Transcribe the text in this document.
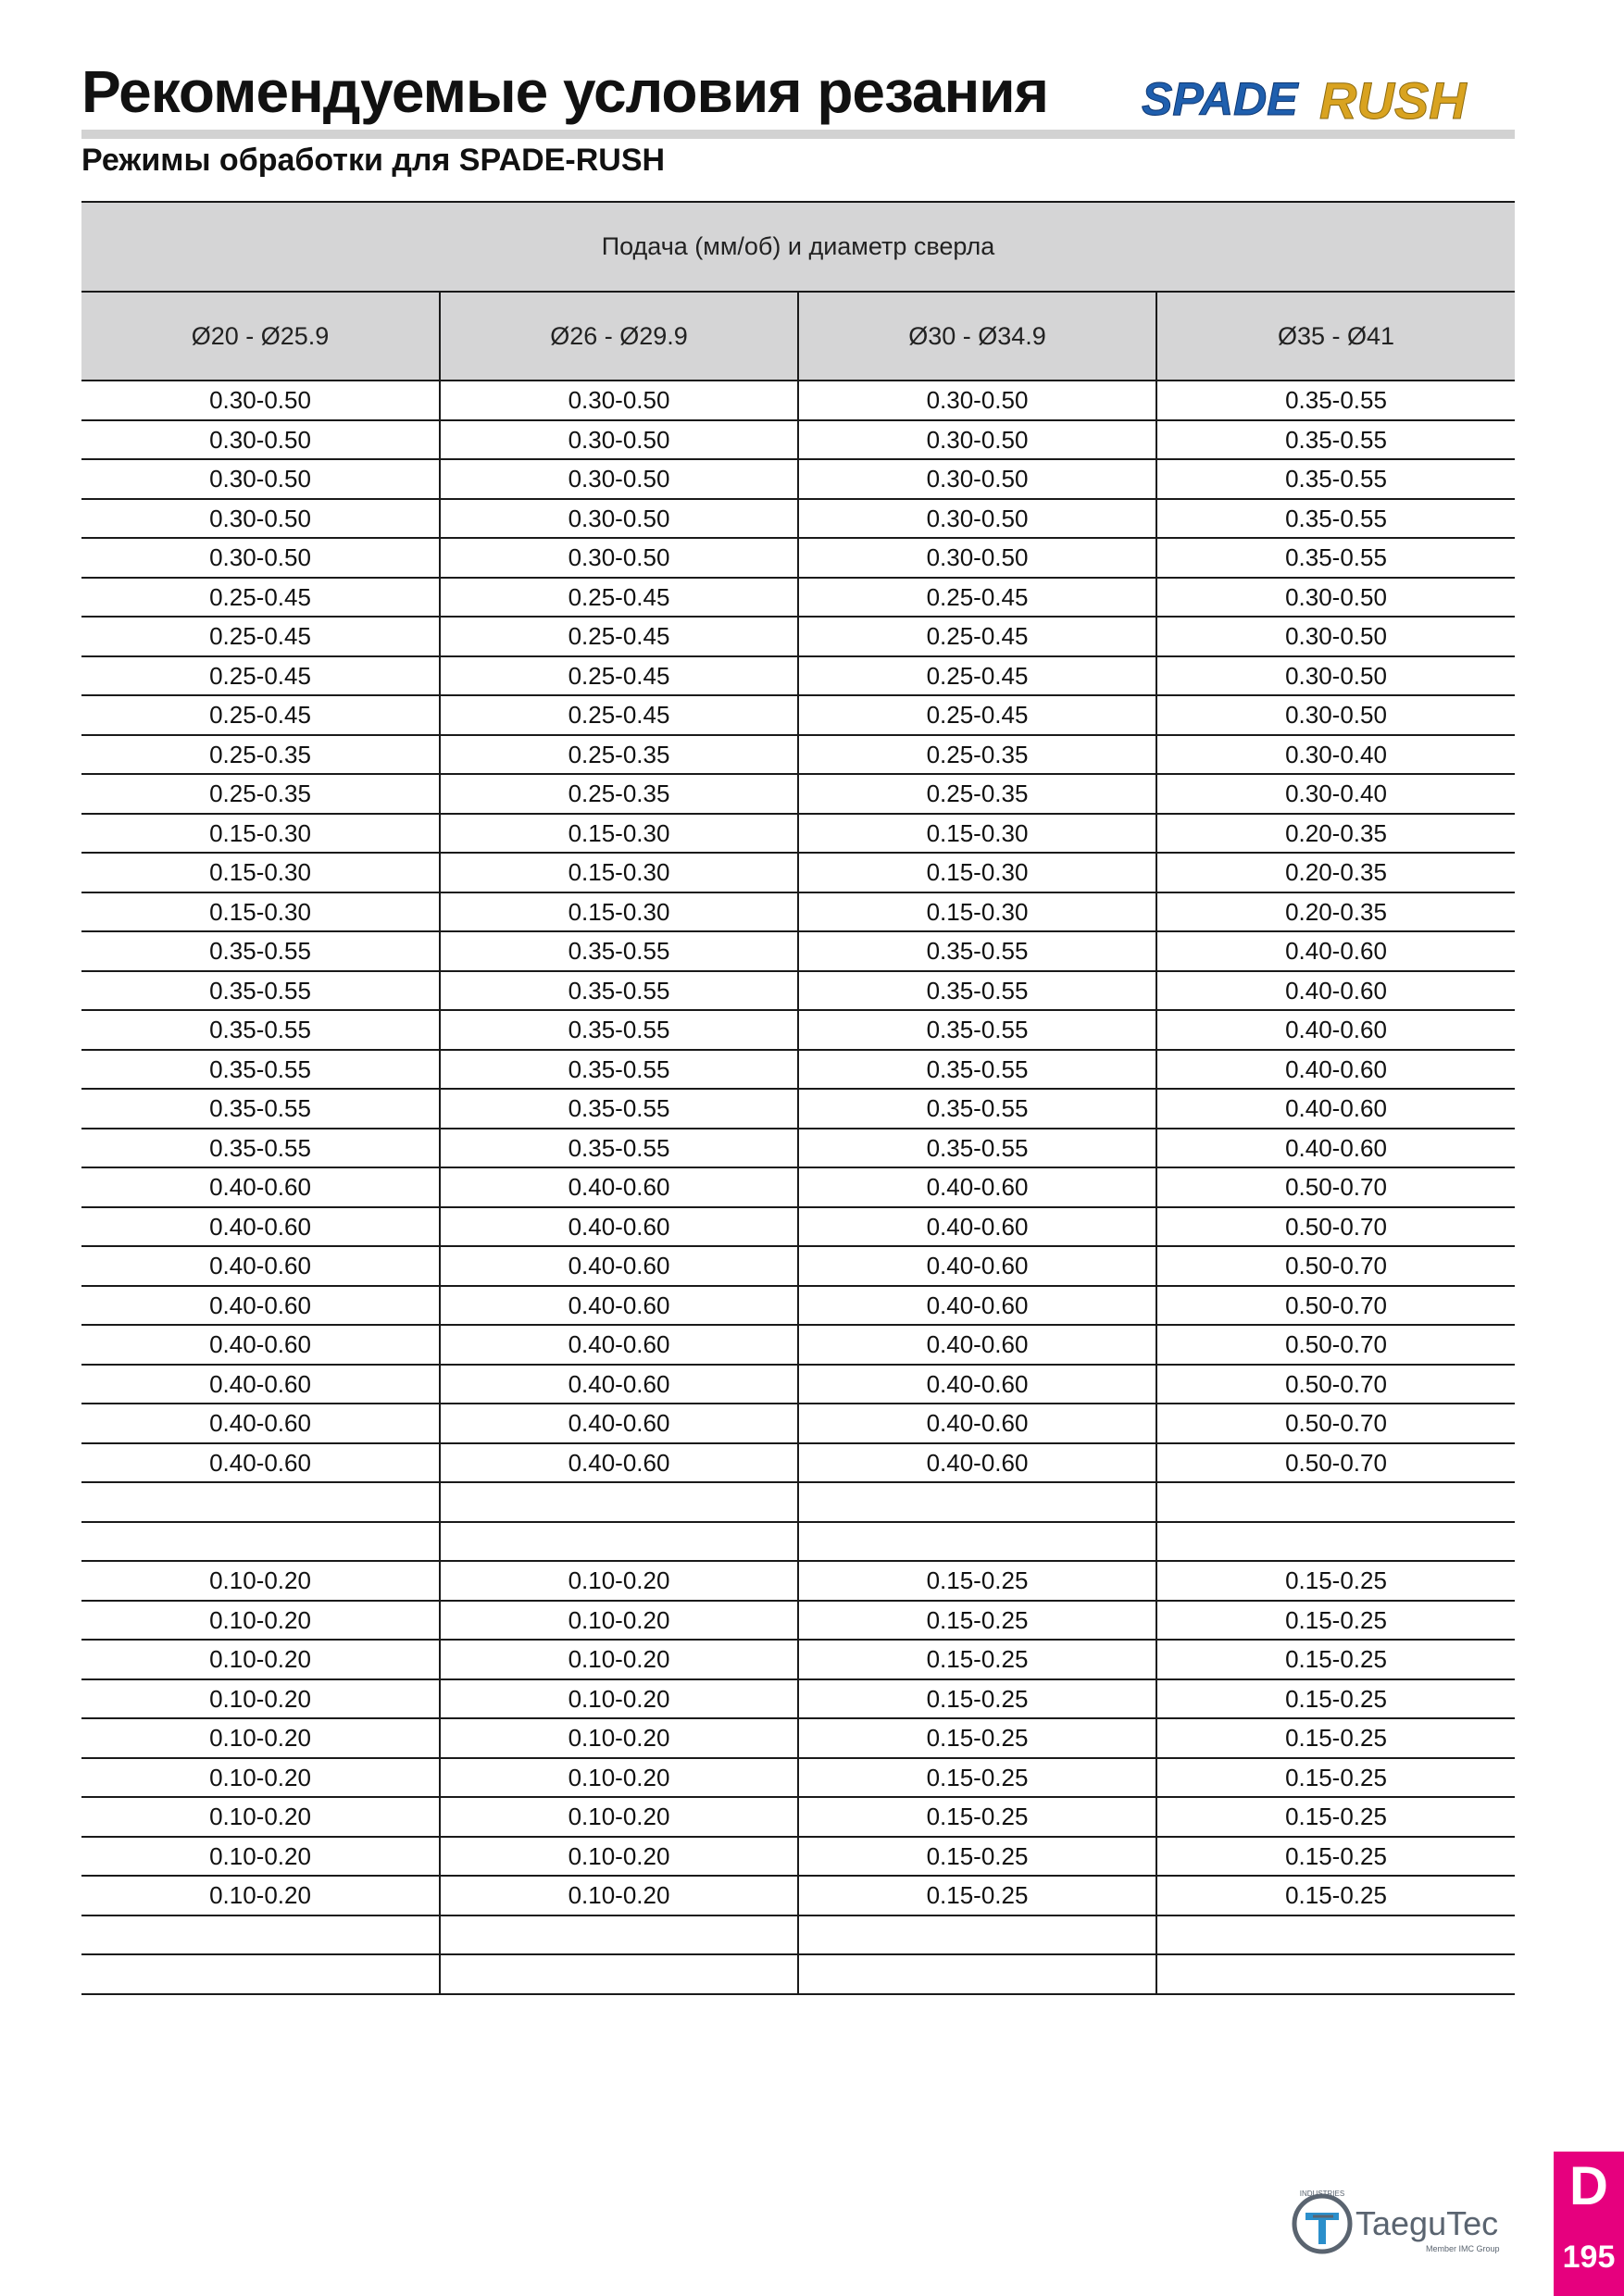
Рекомендуемые условия резания SPADE RUSH
Режимы обработки для SPADE-RUSH
Подача (мм/об) и диаметр сверла			
Ø20 - Ø25.9	Ø26 - Ø29.9	Ø30 - Ø34.9	Ø35 - Ø41
0.30-0.50	0.30-0.50	0.30-0.50	0.35-0.55
0.30-0.50	0.30-0.50	0.30-0.50	0.35-0.55
0.30-0.50	0.30-0.50	0.30-0.50	0.35-0.55
0.30-0.50	0.30-0.50	0.30-0.50	0.35-0.55
0.30-0.50	0.30-0.50	0.30-0.50	0.35-0.55
0.25-0.45	0.25-0.45	0.25-0.45	0.30-0.50
0.25-0.45	0.25-0.45	0.25-0.45	0.30-0.50
0.25-0.45	0.25-0.45	0.25-0.45	0.30-0.50
0.25-0.45	0.25-0.45	0.25-0.45	0.30-0.50
0.25-0.35	0.25-0.35	0.25-0.35	0.30-0.40
0.25-0.35	0.25-0.35	0.25-0.35	0.30-0.40
0.15-0.30	0.15-0.30	0.15-0.30	0.20-0.35
0.15-0.30	0.15-0.30	0.15-0.30	0.20-0.35
0.15-0.30	0.15-0.30	0.15-0.30	0.20-0.35
0.35-0.55	0.35-0.55	0.35-0.55	0.40-0.60
0.35-0.55	0.35-0.55	0.35-0.55	0.40-0.60
0.35-0.55	0.35-0.55	0.35-0.55	0.40-0.60
0.35-0.55	0.35-0.55	0.35-0.55	0.40-0.60
0.35-0.55	0.35-0.55	0.35-0.55	0.40-0.60
0.35-0.55	0.35-0.55	0.35-0.55	0.40-0.60
0.40-0.60	0.40-0.60	0.40-0.60	0.50-0.70
0.40-0.60	0.40-0.60	0.40-0.60	0.50-0.70
0.40-0.60	0.40-0.60	0.40-0.60	0.50-0.70
0.40-0.60	0.40-0.60	0.40-0.60	0.50-0.70
0.40-0.60	0.40-0.60	0.40-0.60	0.50-0.70
0.40-0.60	0.40-0.60	0.40-0.60	0.50-0.70
0.40-0.60	0.40-0.60	0.40-0.60	0.50-0.70
0.40-0.60	0.40-0.60	0.40-0.60	0.50-0.70

0.10-0.20	0.10-0.20	0.15-0.25	0.15-0.25
0.10-0.20	0.10-0.20	0.15-0.25	0.15-0.25
0.10-0.20	0.10-0.20	0.15-0.25	0.15-0.25
0.10-0.20	0.10-0.20	0.15-0.25	0.15-0.25
0.10-0.20	0.10-0.20	0.15-0.25	0.15-0.25
0.10-0.20	0.10-0.20	0.15-0.25	0.15-0.25
0.10-0.20	0.10-0.20	0.15-0.25	0.15-0.25
0.10-0.20	0.10-0.20	0.15-0.25	0.15-0.25
0.10-0.20	0.10-0.20	0.15-0.25	0.15-0.25

INDUSTRIES
TaeguTec
Member IMC Group
D
195
